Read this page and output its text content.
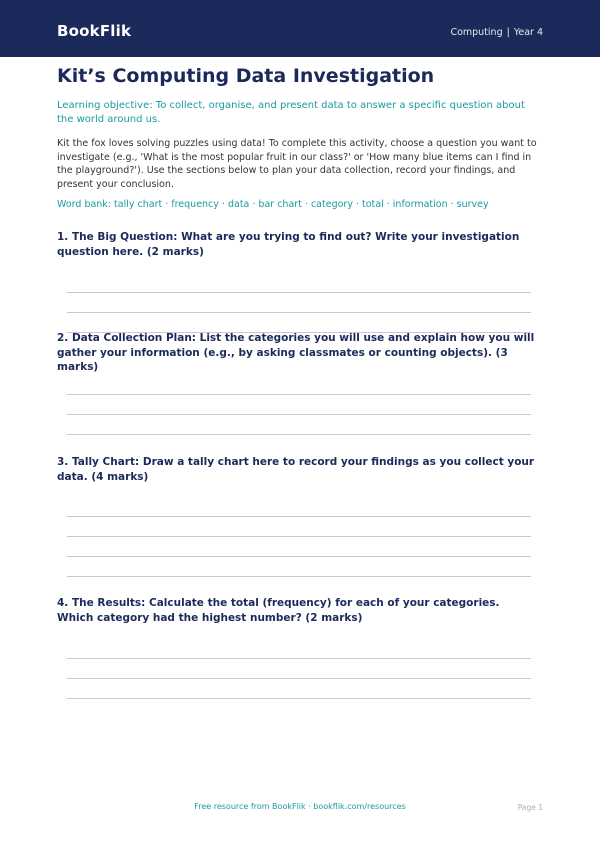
BookFlik	Computing | Year 4
Kit’s Computing Data Investigation

Learning objective: To collect, organise, and present data to answer a specific question about the world around us.

Kit the fox loves solving puzzles using data! To complete this activity, choose a question you want to investigate (e.g., 'What is the most popular fruit in our class?' or 'How many blue items can I find in the playground?'). Use the sections below to plan your data collection, record your findings, and present your conclusion.

Word bank: tally chart · frequency · data · bar chart · category · total · information · survey

1. The Big Question: What are you trying to find out? Write your investigation question here. (2 marks)

2. Data Collection Plan: List the categories you will use and explain how you will gather your information (e.g., by asking classmates or counting objects). (3 marks)

3. Tally Chart: Draw a tally chart here to record your findings as you collect your data. (4 marks)

4. The Results: Calculate the total (frequency) for each of your categories. Which category had the highest number? (2 marks)

Free resource from BookFlik · bookflik.com/resources	Page 1
